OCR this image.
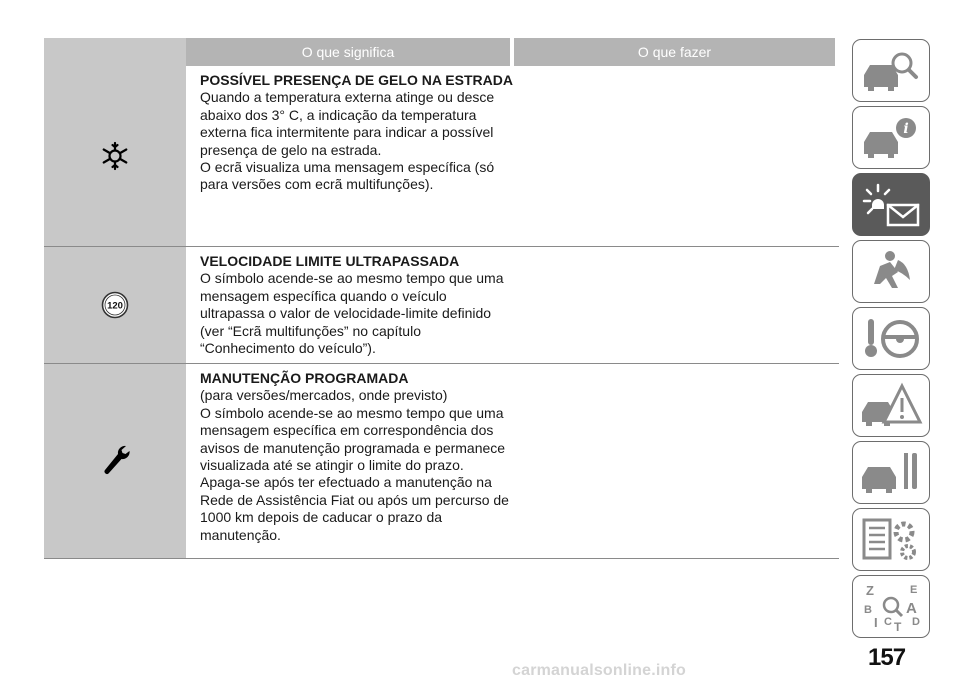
O que significa	O que fazer
POSSÍVEL PRESENÇA DE GELO NA ESTRADA
Quando a temperatura externa atinge ou desce
abaixo dos 3° C, a indicação da temperatura
externa fica intermitente para indicar a possível
presença de gelo na estrada.
O ecrã visualiza uma mensagem específica (só
para versões com ecrã multifunções).
120
VELOCIDADE LIMITE ULTRAPASSADA
O símbolo acende-se ao mesmo tempo que uma
mensagem específica quando o veículo
ultrapassa o valor de velocidade-limite definido
(ver “Ecrã multifunções” no capítulo
“Conhecimento do veículo”).
MANUTENÇÃO PROGRAMADA
(para versões/mercados, onde previsto)
O símbolo acende-se ao mesmo tempo que uma
mensagem específica em correspondência dos
avisos de manutenção programada e permanece
visualizada até se atingir o limite do prazo.
Apaga-se após ter efectuado a manutenção na
Rede de Assistência Fiat ou após um percurso de
1000 km depois de caducar o prazo da
manutenção.
i
Z	E
B A
I C D
T
157
carmanualsonline.info
